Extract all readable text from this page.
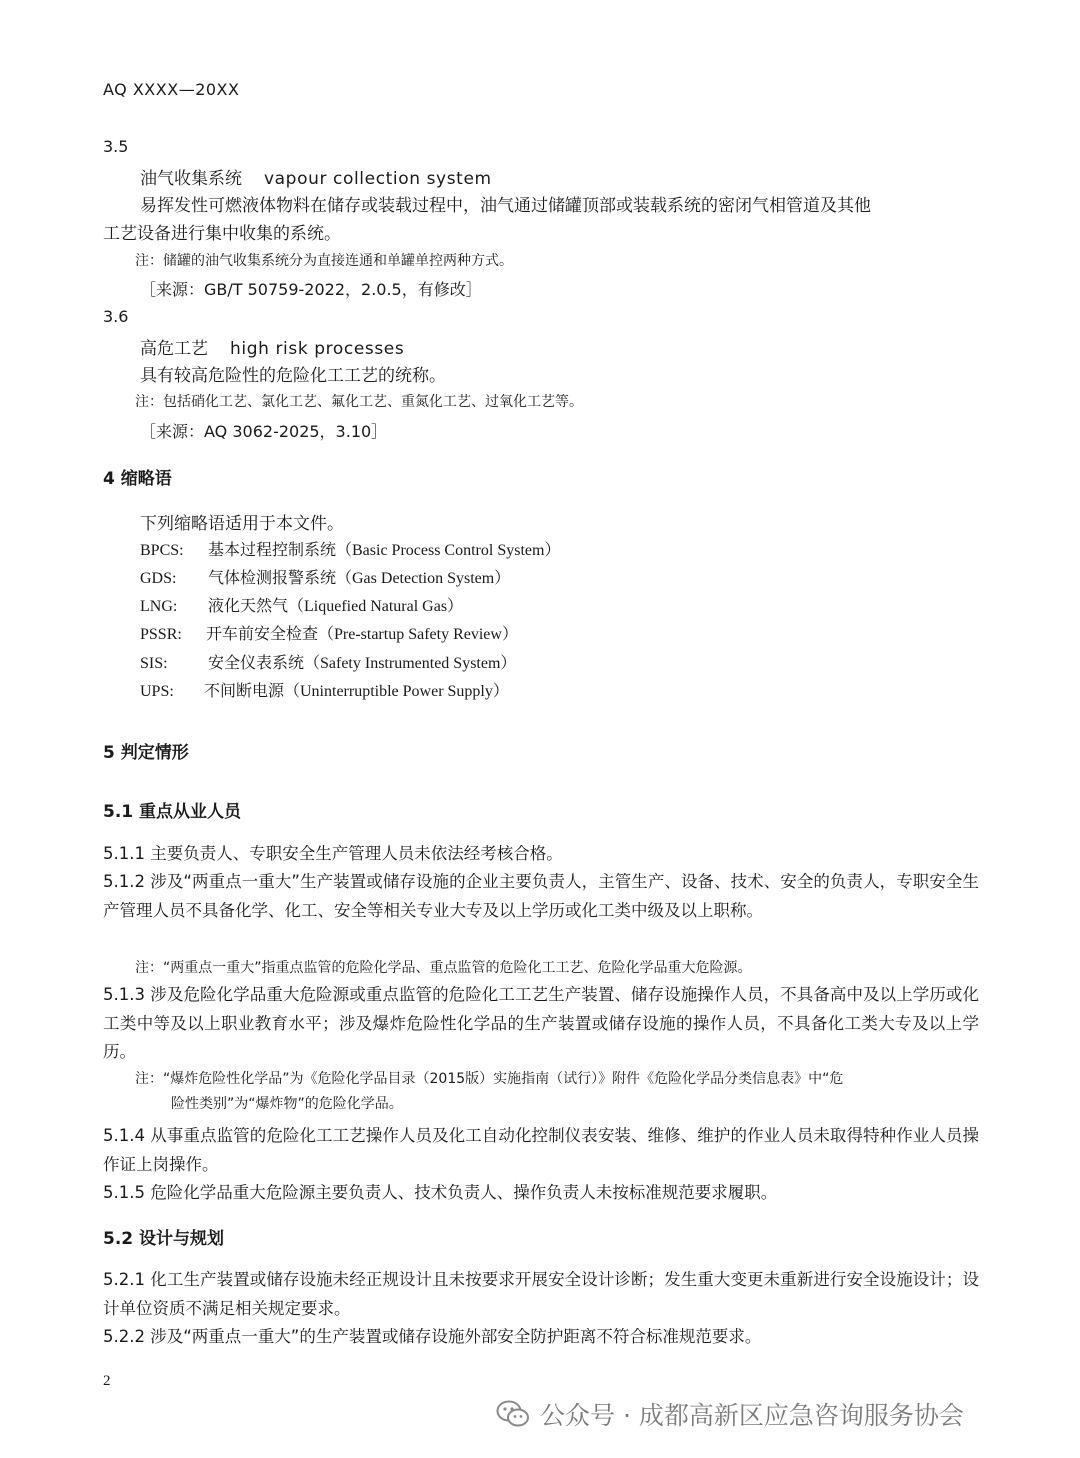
AQ XXXX—20XX
3.5
油气收集系统 vapour collection system
易挥发性可燃液体物料在储存或装载过程中，油气通过储罐顶部或装载系统的密闭气相管道及其他
工艺设备进行集中收集的系统。
注：储罐的油气收集系统分为直接连通和单罐单控两种方式。
［来源：GB/T 50759-2022，2.0.5，有修改］
3.6
高危工艺 high risk processes
具有较高危险性的危险化工工艺的统称。
注：包括硝化工艺、氯化工艺、氟化工艺、重氮化工艺、过氧化工艺等。
［来源：AQ 3062-2025，3.10］
4 缩略语
下列缩略语适用于本文件。
BPCS: 基本过程控制系统（Basic Process Control System）
GDS: 气体检测报警系统（Gas Detection System）
LNG: 液化天然气（Liquefied Natural Gas）
PSSR: 开车前安全检查（Pre-startup Safety Review）
SIS:	安全仪表系统（Safety Instrumented System）
UPS: 不间断电源（Uninterruptible Power Supply）
5 判定情形
5.1 重点从业人员
5.1.1 主要负责人、专职安全生产管理人员未依法经考核合格。
5.1.2 涉及“两重点一重大”生产装置或储存设施的企业主要负责人，主管生产、设备、技术、安全的负责人，专职安全生产管理人员不具备化学、化工、安全等相关专业大专及以上学历或化工类中级及以上职称。
注：“两重点一重大”指重点监管的危险化学品、重点监管的危险化工工艺、危险化学品重大危险源。
5.1.3 涉及危险化学品重大危险源或重点监管的危险化工工艺生产装置、储存设施操作人员，不具备高中及以上学历或化工类中等及以上职业教育水平；涉及爆炸危险性化学品的生产装置或储存设施的操作人员，不具备化工类大专及以上学历。
注：“爆炸危险性化学品”为《危险化学品目录（2015版）实施指南（试行）》附件《危险化学品分类信息表》中“危
险性类别”为“爆炸物”的危险化学品。
5.1.4 从事重点监管的危险化工工艺操作人员及化工自动化控制仪表安装、维修、维护的作业人员未取得特种作业人员操作证上岗操作。
5.1.5 危险化学品重大危险源主要负责人、技术负责人、操作负责人未按标准规范要求履职。
5.2 设计与规划
5.2.1 化工生产装置或储存设施未经正规设计且未按要求开展安全设计诊断；发生重大变更未重新进行安全设施设计；设计单位资质不满足相关规定要求。
5.2.2 涉及“两重点一重大”的生产装置或储存设施外部安全防护距离不符合标准规范要求。
2
公众号 · 成都高新区应急咨询服务协会
